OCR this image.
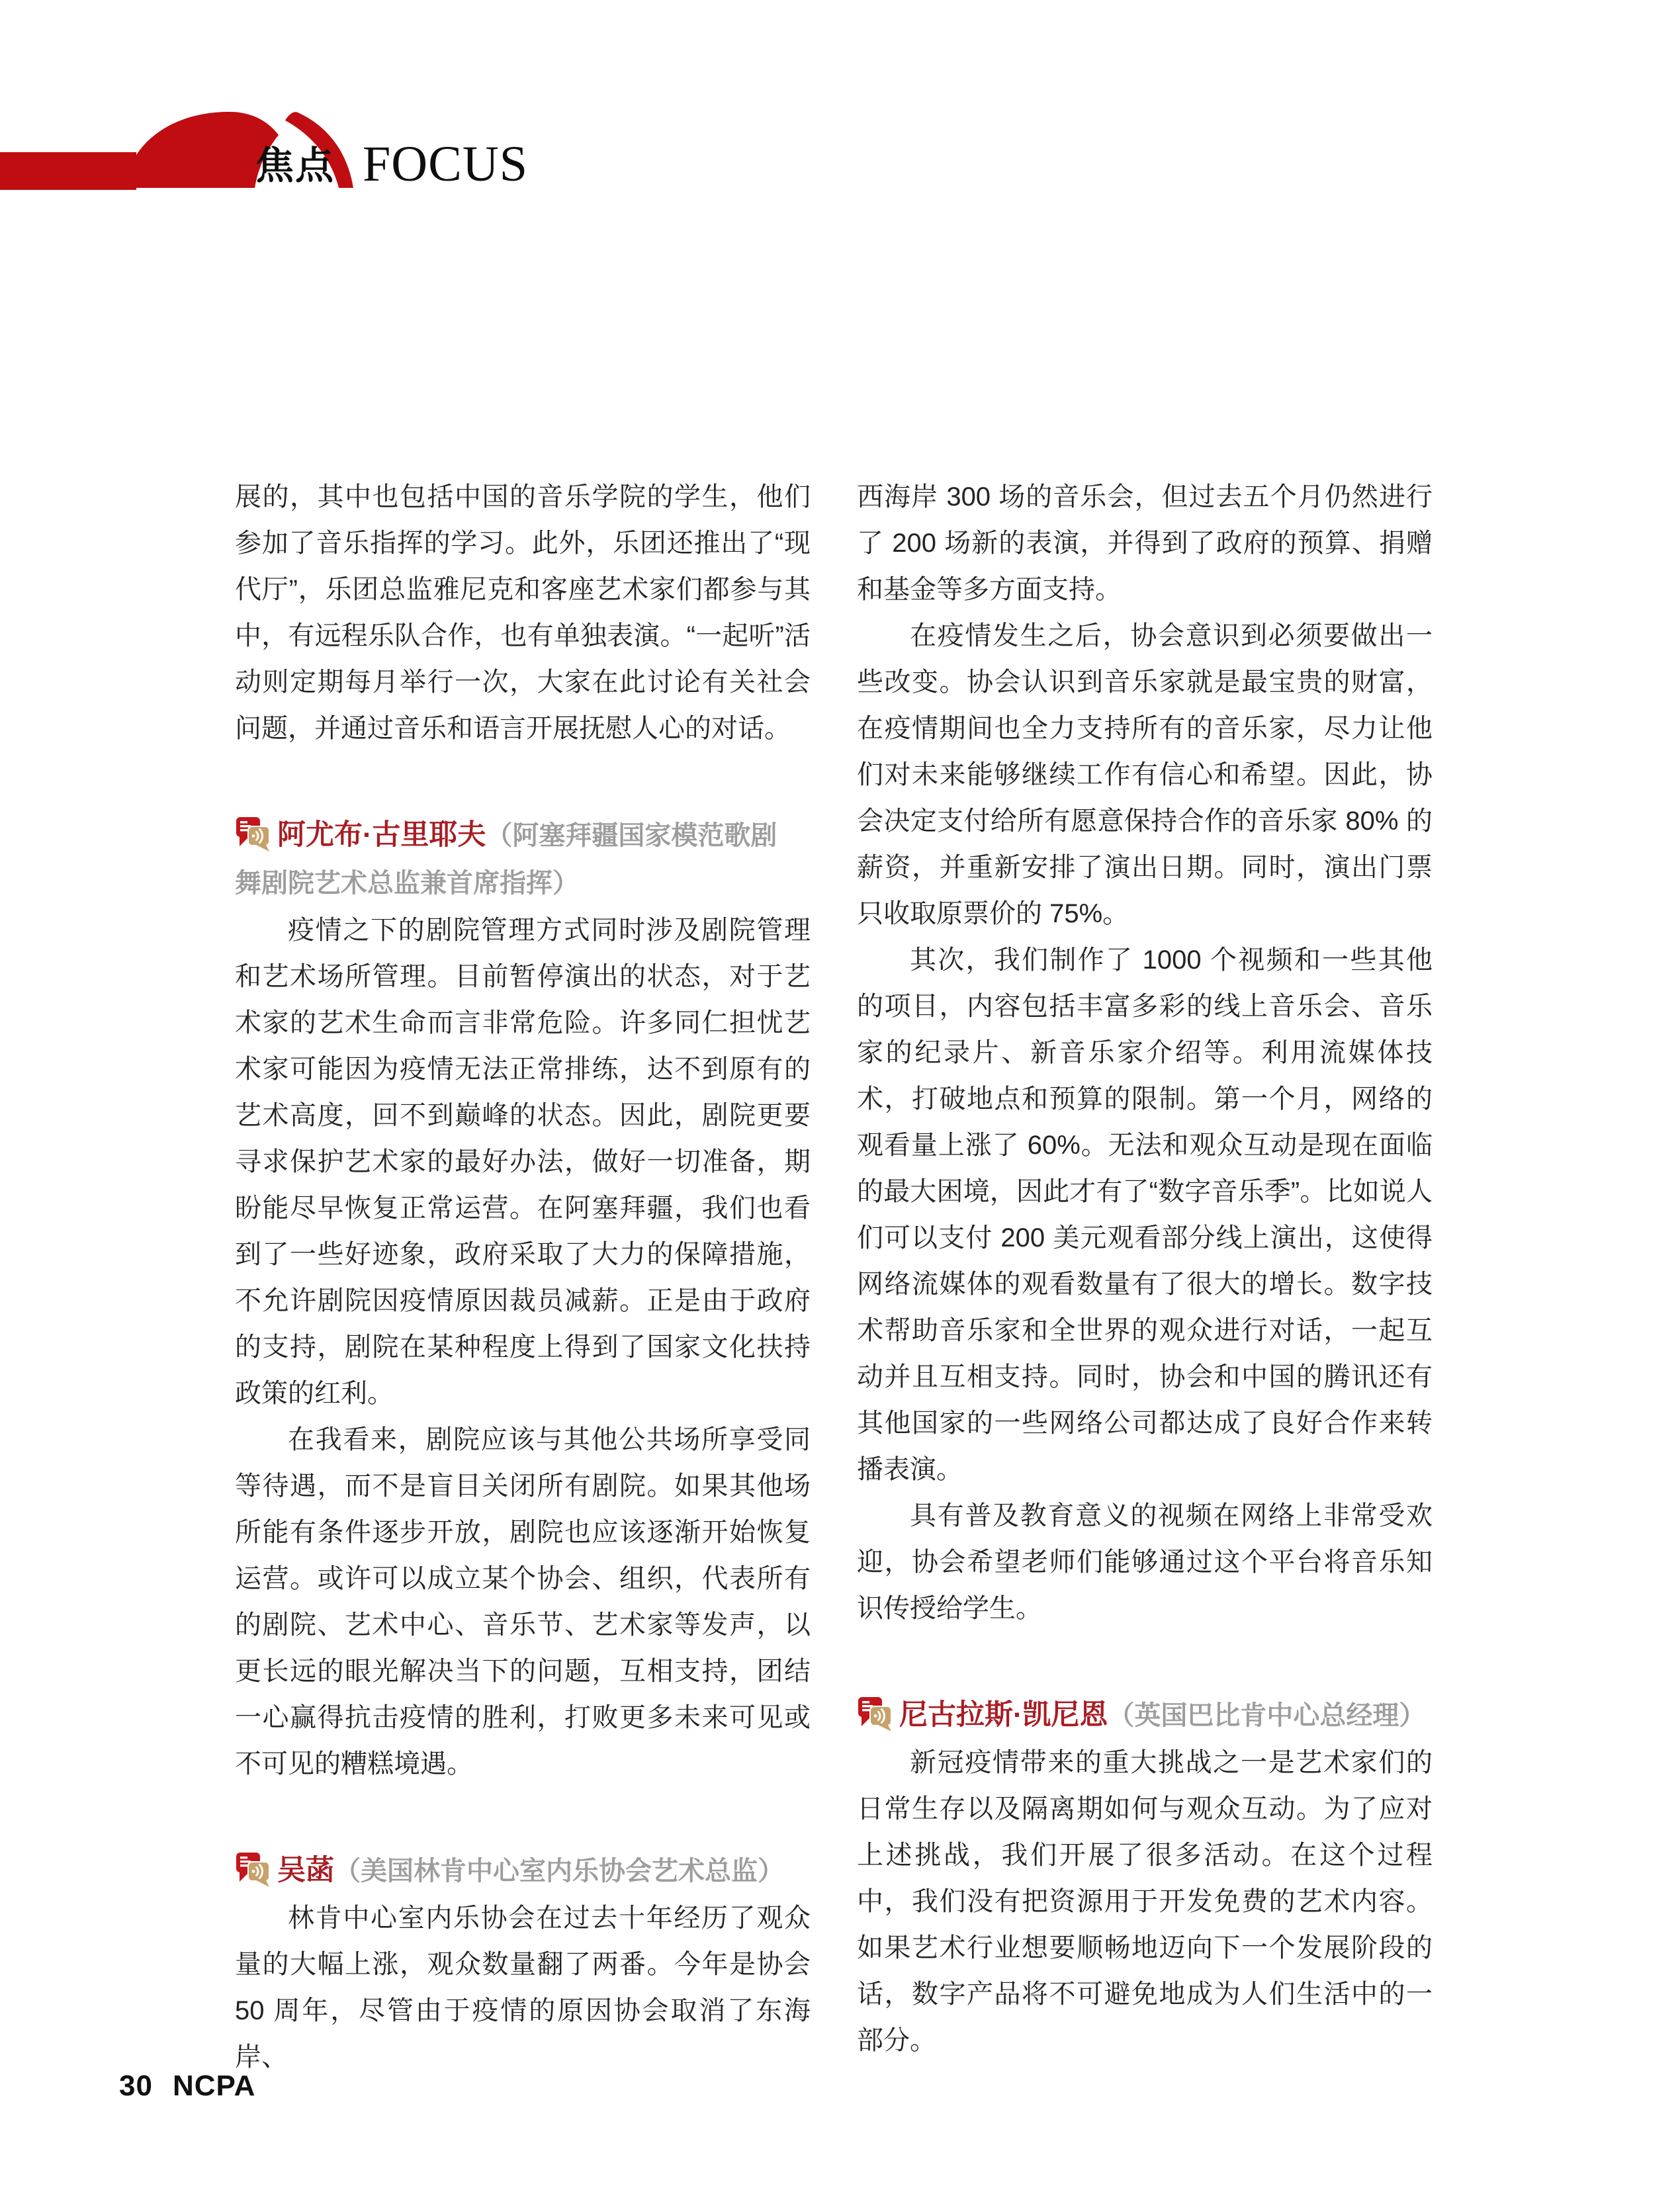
焦点 FOCUS

展的，其中也包括中国的音乐学院的学生，他们参加了音乐指挥的学习。此外，乐团还推出了“现代厅”，乐团总监雅尼克和客座艺术家们都参与其中，有远程乐队合作，也有单独表演。“一起听”活动则定期每月举行一次，大家在此讨论有关社会问题，并通过音乐和语言开展抚慰人心的对话。

阿尤布·古里耶夫（阿塞拜疆国家模范歌剧
舞剧院艺术总监兼首席指挥）

疫情之下的剧院管理方式同时涉及剧院管理和艺术场所管理。目前暂停演出的状态，对于艺术家的艺术生命而言非常危险。许多同仁担忧艺术家可能因为疫情无法正常排练，达不到原有的艺术高度，回不到巅峰的状态。因此，剧院更要寻求保护艺术家的最好办法，做好一切准备，期盼能尽早恢复正常运营。在阿塞拜疆，我们也看到了一些好迹象，政府采取了大力的保障措施，不允许剧院因疫情原因裁员减薪。正是由于政府的支持，剧院在某种程度上得到了国家文化扶持政策的红利。

在我看来，剧院应该与其他公共场所享受同等待遇，而不是盲目关闭所有剧院。如果其他场所能有条件逐步开放，剧院也应该逐渐开始恢复运营。或许可以成立某个协会、组织，代表所有的剧院、艺术中心、音乐节、艺术家等发声，以更长远的眼光解决当下的问题，互相支持，团结一心赢得抗击疫情的胜利，打败更多未来可见或不可见的糟糕境遇。

吴菡（美国林肯中心室内乐协会艺术总监）

林肯中心室内乐协会在过去十年经历了观众量的大幅上涨，观众数量翻了两番。今年是协会 50 周年，尽管由于疫情的原因协会取消了东海岸、

西海岸 300 场的音乐会，但过去五个月仍然进行了 200 场新的表演，并得到了政府的预算、捐赠和基金等多方面支持。

在疫情发生之后，协会意识到必须要做出一些改变。协会认识到音乐家就是最宝贵的财富，在疫情期间也全力支持所有的音乐家，尽力让他们对未来能够继续工作有信心和希望。因此，协会决定支付给所有愿意保持合作的音乐家 80% 的薪资，并重新安排了演出日期。同时，演出门票只收取原票价的 75%。

其次，我们制作了 1000 个视频和一些其他的项目，内容包括丰富多彩的线上音乐会、音乐家的纪录片、新音乐家介绍等。利用流媒体技术，打破地点和预算的限制。第一个月，网络的观看量上涨了 60%。无法和观众互动是现在面临的最大困境，因此才有了“数字音乐季”。比如说人们可以支付 200 美元观看部分线上演出，这使得网络流媒体的观看数量有了很大的增长。数字技术帮助音乐家和全世界的观众进行对话，一起互动并且互相支持。同时，协会和中国的腾讯还有其他国家的一些网络公司都达成了良好合作来转播表演。

具有普及教育意义的视频在网络上非常受欢迎，协会希望老师们能够通过这个平台将音乐知识传授给学生。

尼古拉斯·凯尼恩（英国巴比肯中心总经理）

新冠疫情带来的重大挑战之一是艺术家们的日常生存以及隔离期如何与观众互动。为了应对上述挑战，我们开展了很多活动。在这个过程中，我们没有把资源用于开发免费的艺术内容。如果艺术行业想要顺畅地迈向下一个发展阶段的话，数字产品将不可避免地成为人们生活中的一部分。

30 NCPA
